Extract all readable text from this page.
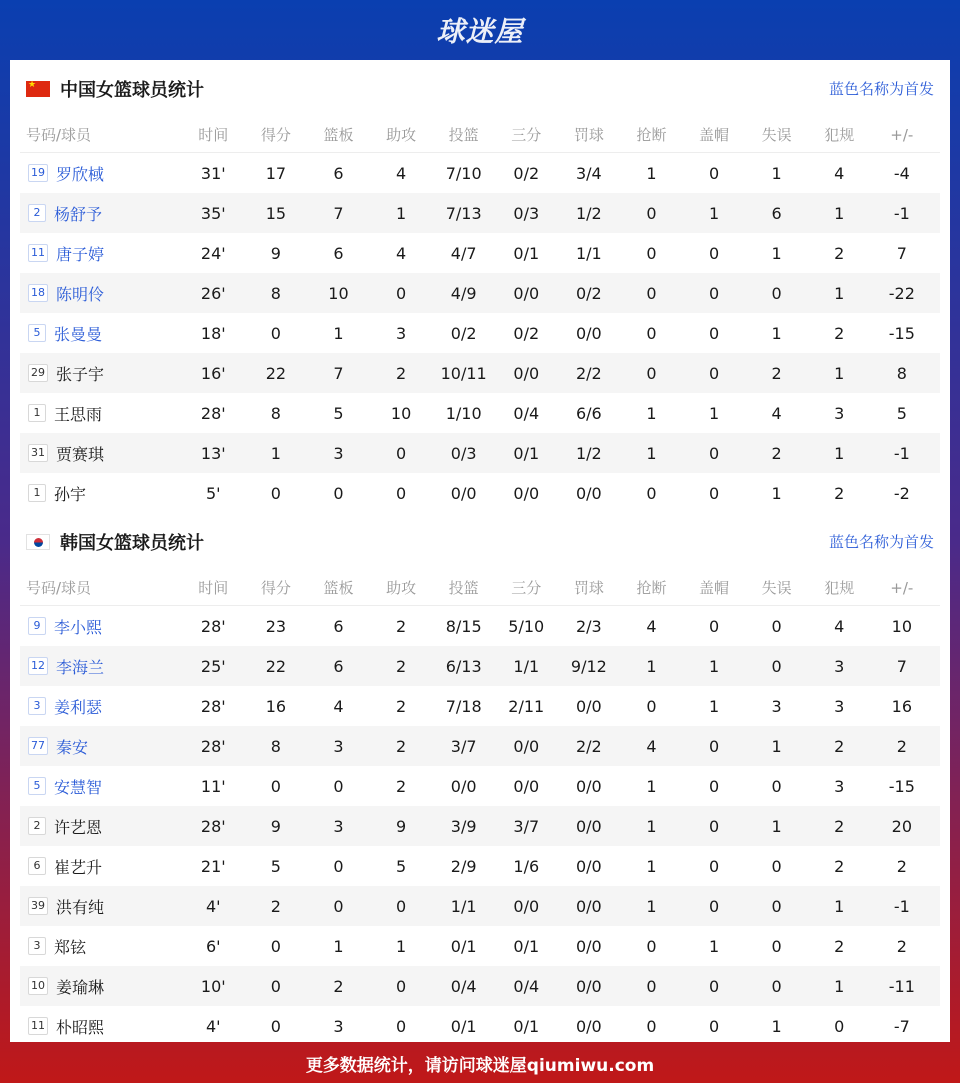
球迷屋
★
中国女篮球员统计	蓝色名称为首发
号码/球员	时间	得分	篮板	助攻	投篮	三分	罚球	抢断	盖帽	失误	犯规	+/-
19 罗欣棫	31'	17	6	4	7/10	0/2	3/4	1	0	1	4	-4
2 杨舒予	35'	15	7	1	7/13	0/3	1/2	0	1	6	1	-1
11 唐子婷	24'	9	6	4	4/7	0/1	1/1	0	0	1	2	7
18 陈明伶	26'	8	10	0	4/9	0/0	0/2	0	0	0	1	-22
5 张曼曼	18'	0	1	3	0/2	0/2	0/0	0	0	1	2	-15
29 张子宇	16'	22	7	2	10/11	0/0	2/2	0	0	2	1	8
1 王思雨	28'	8	5	10	1/10	0/4	6/6	1	1	4	3	5
31 贾赛琪	13'	1	3	0	0/3	0/1	1/2	1	0	2	1	-1
1 孙宇	5'	0	0	0	0/0	0/0	0/0	0	0	1	2	-2
韩国女篮球员统计	蓝色名称为首发
号码/球员	时间	得分	篮板	助攻	投篮	三分	罚球	抢断	盖帽	失误	犯规	+/-
9 李小熙	28'	23	6	2	8/15	5/10	2/3	4	0	0	4	10
12 李海兰	25'	22	6	2	6/13	1/1	9/12	1	1	0	3	7
3 姜利瑟	28'	16	4	2	7/18	2/11	0/0	0	1	3	3	16
77 秦安	28'	8	3	2	3/7	0/0	2/2	4	0	1	2	2
5 安慧智	11'	0	0	2	0/0	0/0	0/0	1	0	0	3	-15
2 许艺恩	28'	9	3	9	3/9	3/7	0/0	1	0	1	2	20
6 崔艺升	21'	5	0	5	2/9	1/6	0/0	1	0	0	2	2
39 洪有纯	4'	2	0	0	1/1	0/0	0/0	1	0	0	1	-1
3 郑铉	6'	0	1	1	0/1	0/1	0/0	0	1	0	2	2
10 姜瑜琳	10'	0	2	0	0/4	0/4	0/0	0	0	0	1	-11
11 朴昭熙	4'	0	3	0	0/1	0/1	0/0	0	0	1	0	-7
更多数据统计，请访问球迷屋qiumiwu.com
